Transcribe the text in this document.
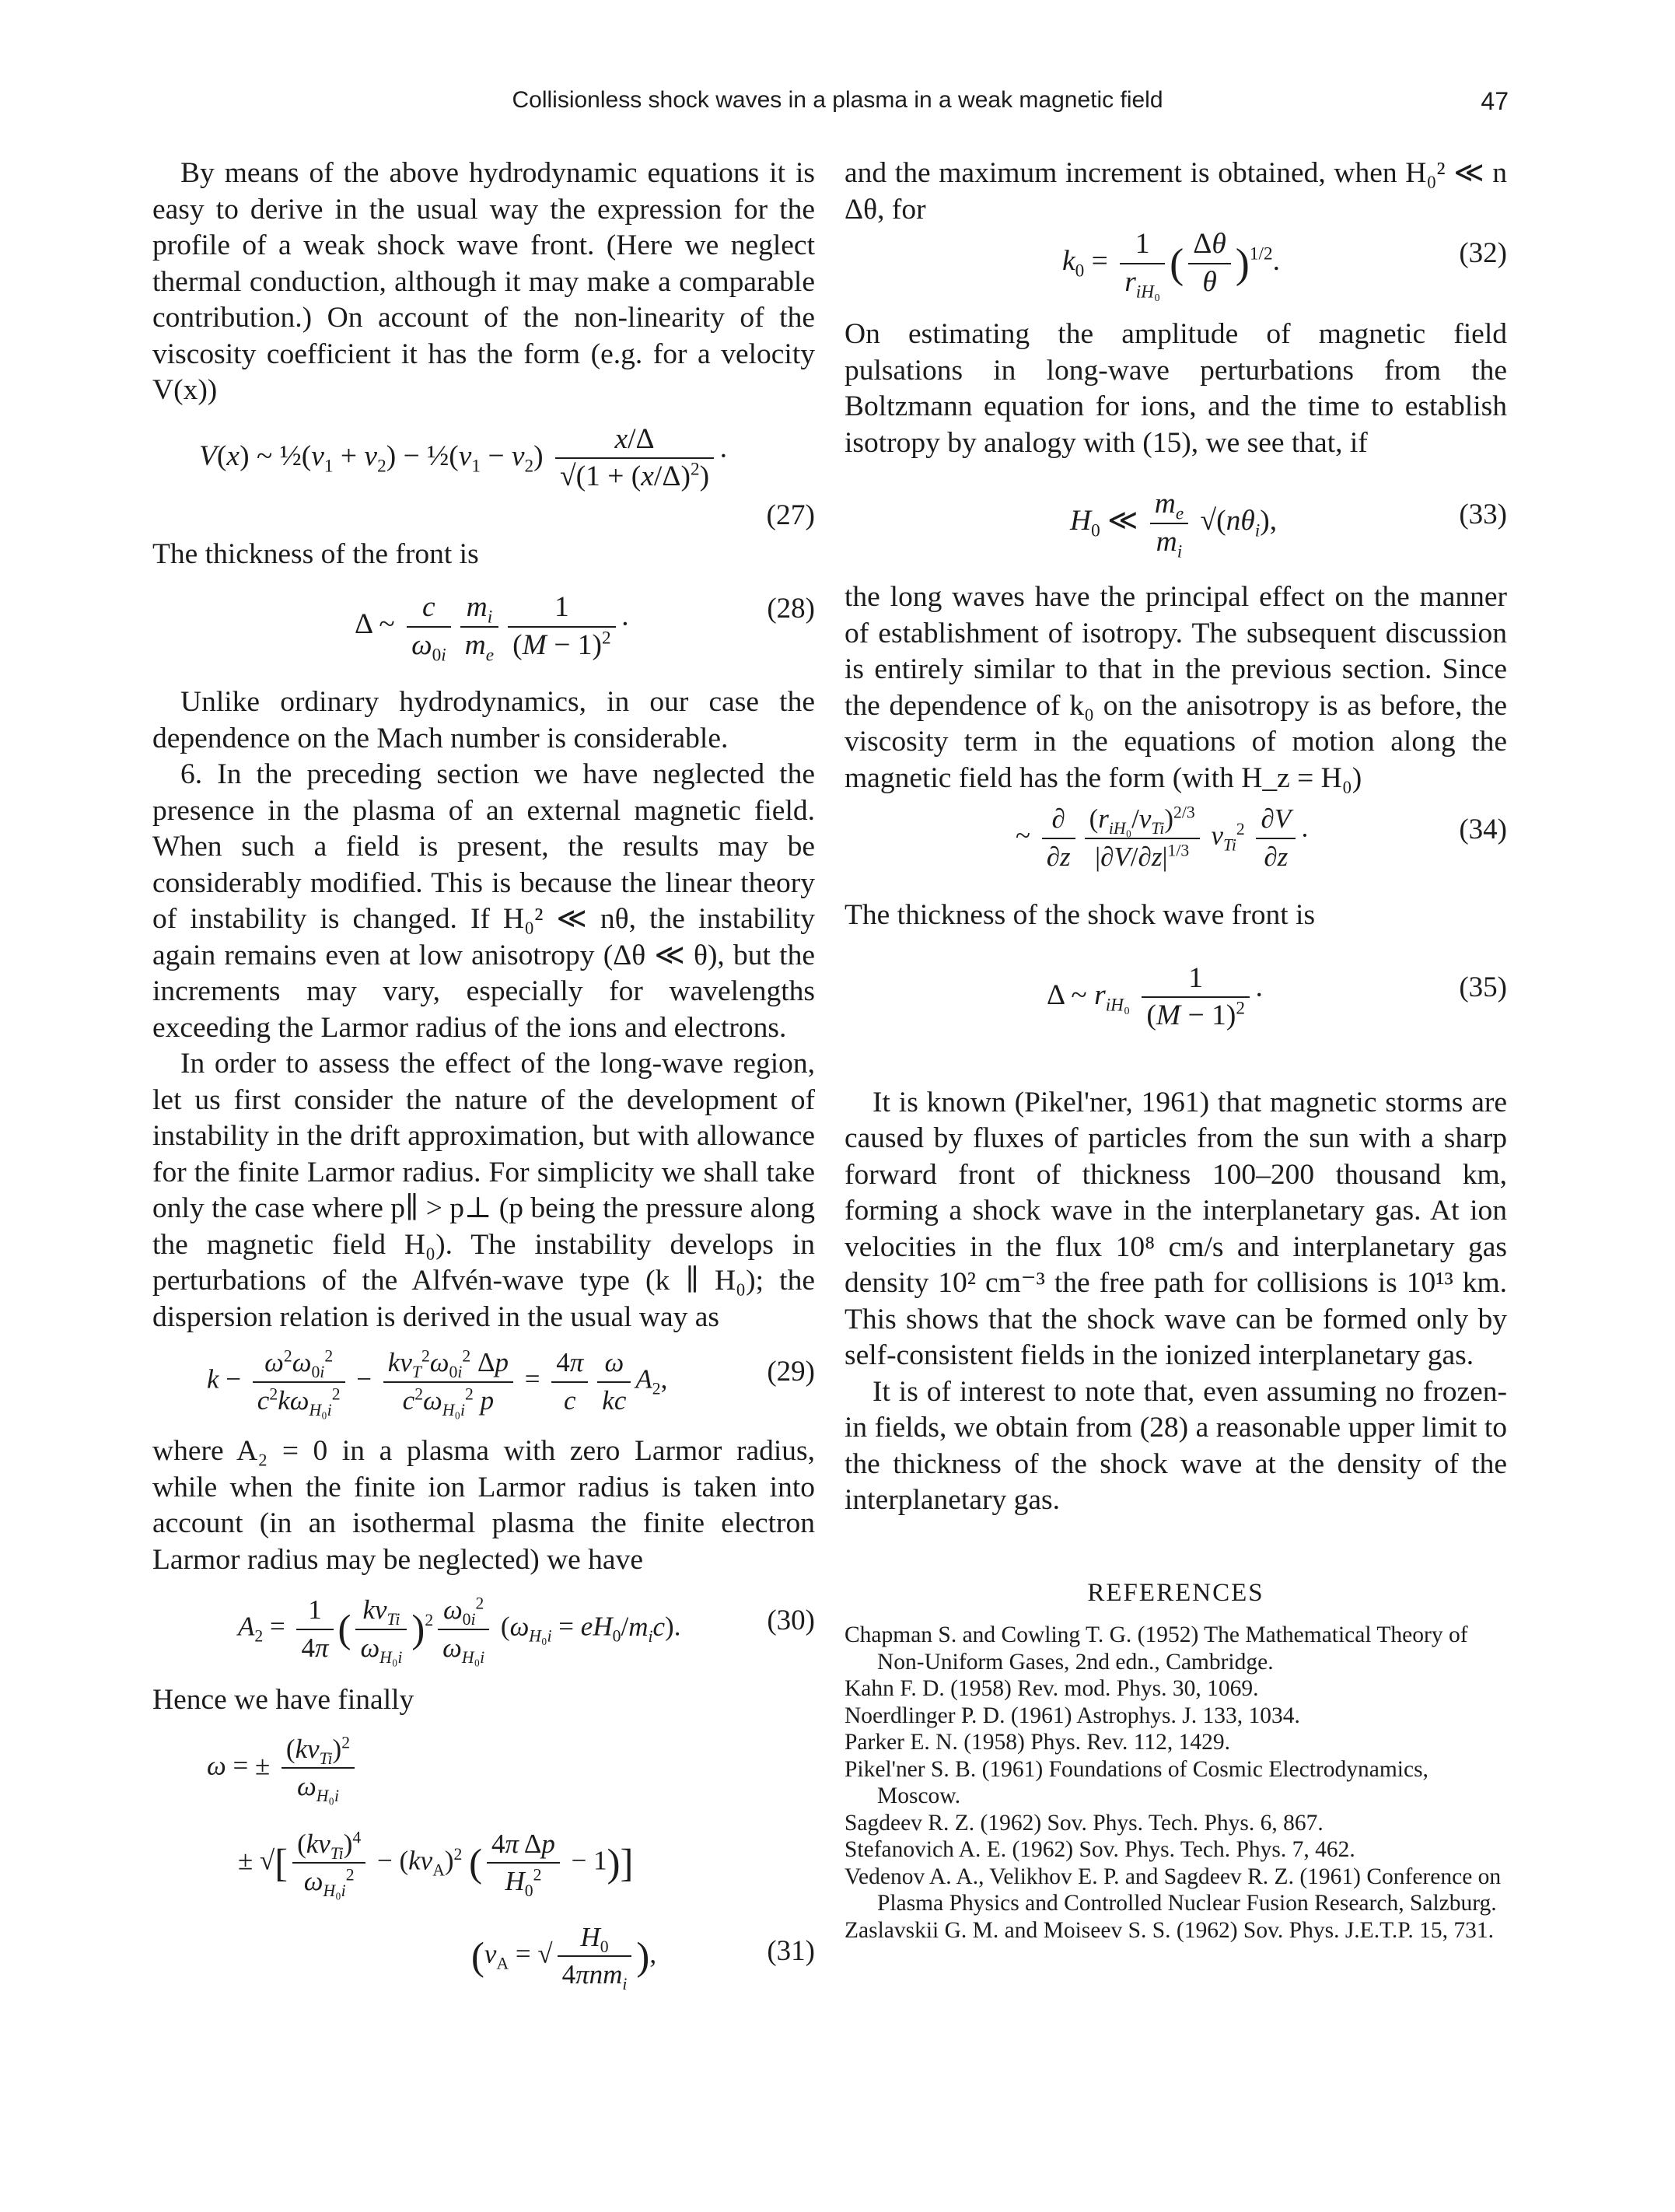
Collisionless shock waves in a plasma in a weak magnetic field	47

By means of the above hydrodynamic equations it is easy to derive in the usual way the expression for the profile of a weak shock wave front. (Here we neglect thermal conduction, although it may make a comparable contribution.) On account of the non-linearity of the viscosity coefficient it has the form (e.g. for a velocity V(x))

V(x) ~ $\frac{1}{2}(v_1 + v_2)$ − $\frac{1}{2}(v_1 - v_2) \frac{x/\Delta}{√(1 + (x/\Delta)^2)}$ ·
(27)

The thickness of the front is

Δ ~ $\frac{c}{\omega_{0i}} \frac{m_i}{m_e} \frac{1}{(M - 1)^2}$ ·	(28)

Unlike ordinary hydrodynamics, in our case the dependence on the Mach number is considerable.

6. In the preceding section we have neglected the presence in the plasma of an external magnetic field. When such a field is present, the results may be considerably modified. This is because the linear theory of instability is changed. If H₀² ≪ nθ, the instability again remains even at low anisotropy (Δθ ≪ θ), but the increments may vary, especially for wavelengths exceeding the Larmor radius of the ions and electrons.

In order to assess the effect of the long-wave region, let us first consider the nature of the development of instability in the drift approximation, but with allowance for the finite Larmor radius. For simplicity we shall take only the case where p∥ > p⊥ (p being the pressure along the magnetic field H₀). The instability develops in perturbations of the Alfvén-wave type (k ∥ H₀); the dispersion relation is derived in the usual way as

$k - \frac{\omega^2\omega_{0i}^2}{c^2k\omega_{H_0i}^2} - \frac{kv_T^2\omega_{0i}^2 \Delta p}{c^2\omega_{H_0i}^2 p} = \frac{4\pi}{c} \frac{\omega}{kc} A_2$,	(29)

where A₂ = 0 in a plasma with zero Larmor radius, while when the finite ion Larmor radius is taken into account (in an isothermal plasma the finite electron Larmor radius may be neglected) we have

$A_2 = \frac{1}{4\pi}$ ( $\frac{kv_{Ti}}{\omega_{H_0i}} )^2 \frac{\omega_{0i}^2}{\omega_{H_0i}} (\omega_{H_0i} = eH_0/m_ic)$.	(30)

Hence we have finally

ω = ± $\frac{(kv_{Ti})^2}{\omega_{H_0i}}$
± √[ $\frac{(kv_{Ti})^4}{\omega_{H_0i}^2} - (kv_A)^2$ ( $\frac{\text{4π Δp}}{H_0^2} - 1$)]
($v_A$ = √ $\frac{H_0}{4\pi nm_i}$ ),	(31)

and the maximum increment is obtained, when H₀² ≪ n Δθ, for

$k_0 = \frac{1}{r_{iH_0}}$ ( $\frac{\Delta\theta}{\theta} )^{1/2}$.	(32)

On estimating the amplitude of magnetic field pulsations in long-wave perturbations from the Boltzmann equation for ions, and the time to establish isotropy by analogy with (15), we see that, if

$H_0$ ≪ $\frac{m_e}{m_i} √(n\theta_i)$,	(33)

the long waves have the principal effect on the manner of establishment of isotropy. The subsequent discussion is entirely similar to that in the previous section. Since the dependence of k₀ on the anisotropy is as before, the viscosity term in the equations of motion along the magnetic field has the form (with H_z = H₀)

~ $\frac{\partial}{\partial z} \frac{(r_{iH_0}/v_{Ti})^{2/3}}{|\partial V/\partial z|^{1/3}} v_{Ti}^2 \frac{\partial V}{\partial z}$ ·	(34)

The thickness of the shock wave front is

Δ ~ $r_{iH_0} \frac{1}{(M - 1)^2}$ ·	(35)

It is known (Pikel'ner, 1961) that magnetic storms are caused by fluxes of particles from the sun with a sharp forward front of thickness 100–200 thousand km, forming a shock wave in the interplanetary gas. At ion velocities in the flux 10⁸ cm/s and interplanetary gas density 10² cm⁻³ the free path for collisions is 10¹³ km. This shows that the shock wave can be formed only by self-consistent fields in the ionized interplanetary gas.

It is of interest to note that, even assuming no frozen-in fields, we obtain from (28) a reasonable upper limit to the thickness of the shock wave at the density of the interplanetary gas.

REFERENCES
Chapman S. and Cowling T. G. (1952) The Mathematical Theory of Non-Uniform Gases, 2nd edn., Cambridge.
Kahn F. D. (1958) Rev. mod. Phys. 30, 1069.
Noerdlinger P. D. (1961) Astrophys. J. 133, 1034.
Parker E. N. (1958) Phys. Rev. 112, 1429.
Pikel'ner S. B. (1961) Foundations of Cosmic Electrodynamics, Moscow.
Sagdeev R. Z. (1962) Sov. Phys. Tech. Phys. 6, 867.
Stefanovich A. E. (1962) Sov. Phys. Tech. Phys. 7, 462.
Vedenov A. A., Velikhov E. P. and Sagdeev R. Z. (1961) Conference on Plasma Physics and Controlled Nuclear Fusion Research, Salzburg.
Zaslavskii G. M. and Moiseev S. S. (1962) Sov. Phys. J.E.T.P. 15, 731.
